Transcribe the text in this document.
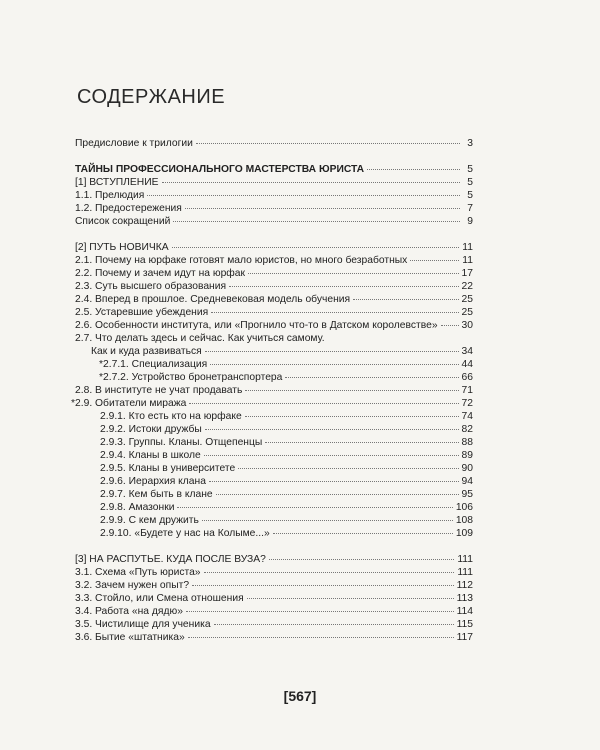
СОДЕРЖАНИЕ
Предисловие к трилогии	3
ТАЙНЫ ПРОФЕССИОНАЛЬНОГО МАСТЕРСТВА ЮРИСТА	5
[1] ВСТУПЛЕНИЕ	5
1.1. Прелюдия	5
1.2. Предостережения	7
Список сокращений	9
[2] ПУТЬ НОВИЧКА	11
2.1. Почему на юрфаке готовят мало юристов, но много безработных	11
2.2. Почему и зачем идут на юрфак	17
2.3. Суть высшего образования	22
2.4. Вперед в прошлое. Средневековая модель обучения	25
2.5. Устаревшие убеждения	25
2.6. Особенности института, или «Прогнило что-то в Датском королевстве» 30
2.7. Что делать здесь и сейчас. Как учиться самому.
Как и куда развиваться	34
*2.7.1. Специализация	44
*2.7.2. Устройство бронетранспортера	66
2.8. В институте не учат продавать	71
*2.9. Обитатели миража	72
2.9.1. Кто есть кто на юрфаке	74
2.9.2. Истоки дружбы	82
2.9.3. Группы. Кланы. Отщепенцы	88
2.9.4. Кланы в школе	89
2.9.5. Кланы в университете	90
2.9.6. Иерархия клана	94
2.9.7. Кем быть в клане	95
2.9.8. Амазонки	106
2.9.9. С кем дружить	108
2.9.10. «Будете у нас на Колыме...»	109
[3] НА РАСПУТЬЕ. КУДА ПОСЛЕ ВУЗА?	111
3.1. Схема «Путь юриста»	111
3.2. Зачем нужен опыт?	112
3.3. Стойло, или Смена отношения	113
3.4. Работа «на дядю»	114
3.5. Чистилище для ученика	115
3.6. Бытие «штатника»	117
[567]
